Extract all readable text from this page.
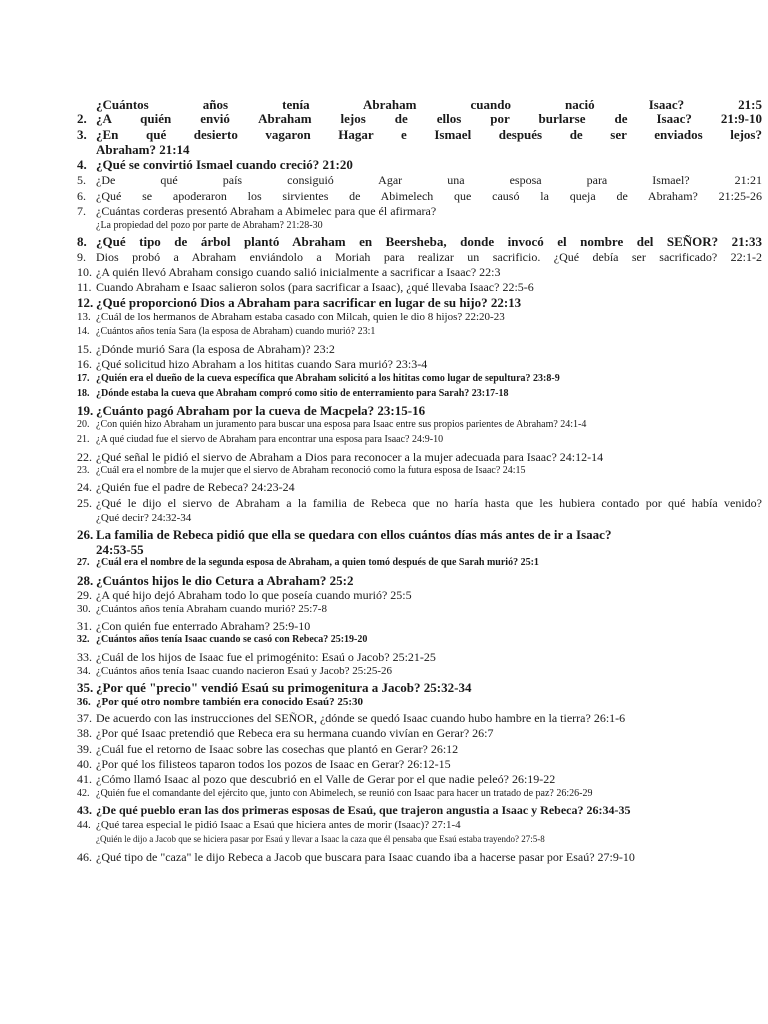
¿Cuántos años tenía Abraham cuando nació Isaac? 21:5
2. ¿A quién envió Abraham lejos de ellos por burlarse de Isaac? 21:9-10
3. ¿En qué desierto vagaron Hagar e Ismael después de ser enviados lejos?
Abraham? 21:14
4. ¿Qué se convirtió Ismael cuando creció? 21:20
5. ¿De qué país consiguió Agar una esposa para Ismael? 21:21
6. ¿Qué se apoderaron los sirvientes de Abimelech que causó la queja de Abraham? 21:25-26
7. ¿Cuántas corderas presentó Abraham a Abimelec para que él afirmara?
¿La propiedad del pozo por parte de Abraham? 21:28-30
8. ¿Qué tipo de árbol plantó Abraham en Beersheba, donde invocó el nombre del SEÑOR? 21:33
9. Dios probó a Abraham enviándolo a Moriah para realizar un sacrificio. ¿Qué debía ser sacrificado? 22:1-2
10. ¿A quién llevó Abraham consigo cuando salió inicialmente a sacrificar a Isaac? 22:3
11. Cuando Abraham e Isaac salieron solos (para sacrificar a Isaac), ¿qué llevaba Isaac? 22:5-6
12. ¿Qué proporcionó Dios a Abraham para sacrificar en lugar de su hijo? 22:13
13. ¿Cuál de los hermanos de Abraham estaba casado con Milcah, quien le dio 8 hijos? 22:20-23
14. ¿Cuántos años tenía Sara (la esposa de Abraham) cuando murió? 23:1
15. ¿Dónde murió Sara (la esposa de Abraham)? 23:2
16. ¿Qué solicitud hizo Abraham a los hititas cuando Sara murió? 23:3-4
17. ¿Quién era el dueño de la cueva específica que Abraham solicitó a los hititas como lugar de sepultura? 23:8-9
18. ¿Dónde estaba la cueva que Abraham compró como sitio de enterramiento para Sarah? 23:17-18
19. ¿Cuánto pagó Abraham por la cueva de Macpela? 23:15-16
20. ¿Con quién hizo Abraham un juramento para buscar una esposa para Isaac entre sus propios parientes de Abraham? 24:1-4
21. ¿A qué ciudad fue el siervo de Abraham para encontrar una esposa para Isaac? 24:9-10
22. ¿Qué señal le pidió el siervo de Abraham a Dios para reconocer a la mujer adecuada para Isaac? 24:12-14
23. ¿Cuál era el nombre de la mujer que el siervo de Abraham reconoció como la futura esposa de Isaac? 24:15
24. ¿Quién fue el padre de Rebeca? 24:23-24
25. ¿Qué le dijo el siervo de Abraham a la familia de Rebeca que no haría hasta que les hubiera contado por qué había venido?
¿Qué decir? 24:32-34
26. La familia de Rebeca pidió que ella se quedara con ellos cuántos días más antes de ir a Isaac?
24:53-55
27. ¿Cuál era el nombre de la segunda esposa de Abraham, a quien tomó después de que Sarah murió? 25:1
28. ¿Cuántos hijos le dio Cetura a Abraham? 25:2
29. ¿A qué hijo dejó Abraham todo lo que poseía cuando murió? 25:5
30. ¿Cuántos años tenía Abraham cuando murió? 25:7-8
31. ¿Con quién fue enterrado Abraham? 25:9-10
32. ¿Cuántos años tenía Isaac cuando se casó con Rebeca? 25:19-20
33. ¿Cuál de los hijos de Isaac fue el primogénito: Esaú o Jacob? 25:21-25
34. ¿Cuántos años tenía Isaac cuando nacieron Esaú y Jacob? 25:25-26
35. ¿Por qué "precio" vendió Esaú su primogenitura a Jacob? 25:32-34
36. ¿Por qué otro nombre también era conocido Esaú? 25:30
37. De acuerdo con las instrucciones del SEÑOR, ¿dónde se quedó Isaac cuando hubo hambre en la tierra? 26:1-6
38. ¿Por qué Isaac pretendió que Rebeca era su hermana cuando vivían en Gerar? 26:7
39. ¿Cuál fue el retorno de Isaac sobre las cosechas que plantó en Gerar? 26:12
40. ¿Por qué los filisteos taparon todos los pozos de Isaac en Gerar? 26:12-15
41. ¿Cómo llamó Isaac al pozo que descubrió en el Valle de Gerar por el que nadie peleó? 26:19-22
42. ¿Quién fue el comandante del ejército que, junto con Abimelech, se reunió con Isaac para hacer un tratado de paz? 26:26-29
43. ¿De qué pueblo eran las dos primeras esposas de Esaú, que trajeron angustia a Isaac y Rebeca? 26:34-35
44. ¿Qué tarea especial le pidió Isaac a Esaú que hiciera antes de morir (Isaac)? 27:1-4
¿Quién le dijo a Jacob que se hiciera pasar por Esaú y llevar a Isaac la caza que él pensaba que Esaú estaba trayendo? 27:5-8
46. ¿Qué tipo de "caza" le dijo Rebeca a Jacob que buscara para Isaac cuando iba a hacerse pasar por Esaú? 27:9-10
